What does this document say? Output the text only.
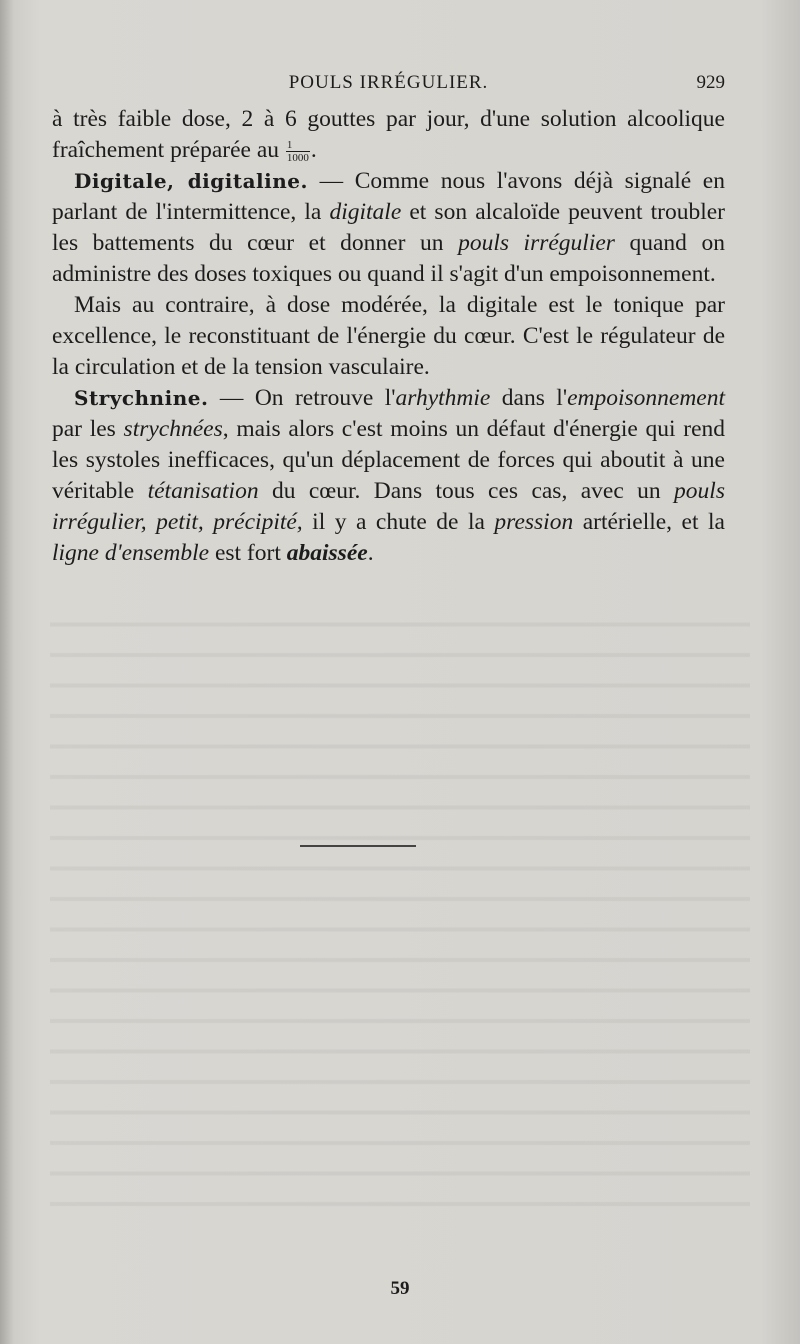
POULS IRRÉGULIER.	929

à très faible dose, 2 à 6 gouttes par jour, d'une solution alcoolique fraîchement préparée au $\frac{1}{1000}$ .

Digitale, digitaline. — Comme nous l'avons déjà signalé en parlant de l'intermittence, la digitale et son alcaloïde peuvent troubler les battements du cœur et donner un pouls irrégulier quand on administre des doses toxiques ou quand il s'agit d'un empoisonnement.

Mais au contraire, à dose modérée, la digitale est le tonique par excellence, le reconstituant de l'énergie du cœur. C'est le régulateur de la circulation et de la tension vasculaire.

Strychnine. — On retrouve l'arhythmie dans l'empoisonnement par les strychnées, mais alors c'est moins un défaut d'énergie qui rend les systoles inefficaces, qu'un déplacement de forces qui aboutit à une véritable tétanisation du cœur. Dans tous ces cas, avec un pouls irrégulier, petit, précipité, il y a chute de la pression artérielle, et la ligne d'ensemble est fort abaissée.

59
